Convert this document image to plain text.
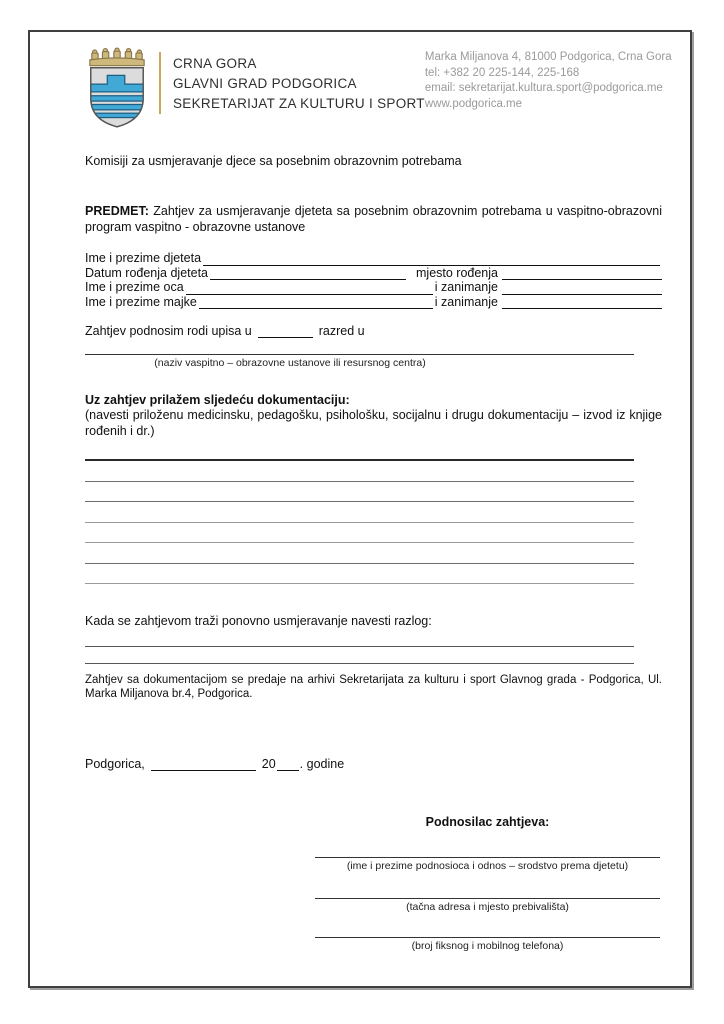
CRNA GORA
GLAVNI GRAD PODGORICA
SEKRETARIJAT ZA KULTURU I SPORT
Marka Miljanova 4, 81000 Podgorica, Crna Gora
tel: +382 20 225-144, 225-168
email: sekretarijat.kultura.sport@podgorica.me
www.podgorica.me
Komisiji za usmjeravanje djece sa posebnim obrazovnim potrebama
PREDMET: Zahtjev za usmjeravanje djeteta sa posebnim obrazovnim potrebama u vaspitno-obrazovni program vaspitno - obrazovne ustanove
Ime i prezime djeteta
Datum rođenja djeteta	mjesto rođenja
Ime i prezime oca	i zanimanje
Ime i prezime majke	i zanimanje
Zahtjev podnosim rodi upisa u	razred u
(naziv vaspitno – obrazovne ustanove ili resursnog centra)
Uz zahtjev prilažem sljedeću dokumentaciju:
(navesti priloženu medicinsku, pedagošku, psihološku, socijalnu i drugu dokumentaciju – izvod iz knjige rođenih i dr.)
Kada se zahtjevom traži ponovno usmjeravanje navesti razlog:
Zahtjev sa dokumentacijom se predaje na arhivi Sekretarijata za kulturu i sport Glavnog grada - Podgorica, Ul. Marka Miljanova br.4, Podgorica.
Podgorica,	20 . godine
Podnosilac zahtjeva:
(ime i prezime podnosioca i odnos – srodstvo prema djetetu)
(tačna adresa i mjesto prebivališta)
(broj fiksnog i mobilnog telefona)
